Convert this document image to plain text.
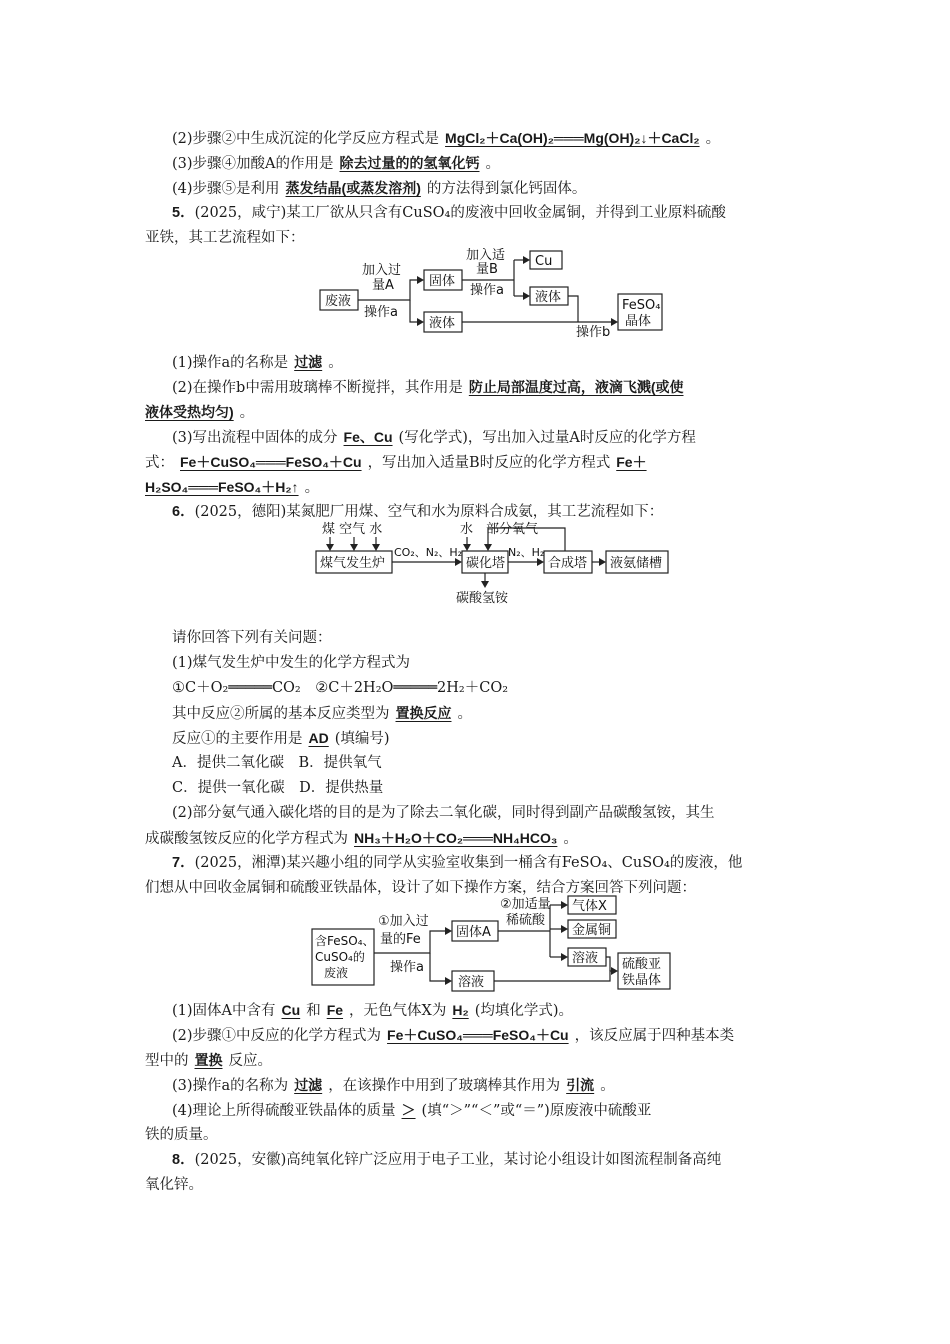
(2)步骤②中生成沉淀的化学反应方程式是 MgCl₂＋Ca(OH)₂═══Mg(OH)₂↓＋CaCl₂ 。
(3)步骤④加酸A的作用是 除去过量的的氢氧化钙 。
(4)步骤⑤是利用 蒸发结晶(或蒸发溶剂) 的方法得到氯化钙固体。
5．(2025，咸宁)某工厂欲从只含有CuSO₄的废液中回收金属铜，并得到工业原料硫酸
亚铁，其工艺流程如下：
废液
加入过
量A
操作a
固体
液体
加入适
量B
操作a
Cu
液体
操作b
FeSO₄
晶体
(1)操作a的名称是 过滤 。
(2)在操作b中需用玻璃棒不断搅拌，其作用是 防止局部温度过高，液滴飞溅(或使
液体受热均匀) 。
(3)写出流程中固体的成分 Fe、Cu (写化学式)，写出加入过量A时反应的化学方程
式： Fe＋CuSO₄═══FeSO₄＋Cu ，写出加入适量B时反应的化学方程式 Fe＋
H₂SO₄═══FeSO₄＋H₂↑ 。
6．(2025，德阳)某氮肥厂用煤、空气和水为原料合成氨，其工艺流程如下：
煤 空气 水
煤气发生炉
CO₂、N₂、H₂
水 部分氧气
碳化塔
N₂、H₂
合成塔 液氨储槽
碳酸氢铵
请你回答下列有关问题：
(1)煤气发生炉中发生的化学方程式为
①C＋O₂═════CO₂　②C＋2H₂O═════2H₂＋CO₂
其中反应②所属的基本反应类型为 置换反应 。
反应①的主要作用是 AD (填编号)
A．提供二氧化碳　B．提供氧气
C．提供一氧化碳　D．提供热量
(2)部分氨气通入碳化塔的目的是为了除去二氧化碳，同时得到副产品碳酸氢铵，其生
成碳酸氢铵反应的化学方程式为 NH₃＋H₂O＋CO₂═══NH₄HCO₃ 。
7．(2025，湘潭)某兴趣小组的同学从实验室收集到一桶含有FeSO₄、CuSO₄的废液，他
们想从中回收金属铜和硫酸亚铁晶体，设计了如下操作方案，结合方案回答下列问题：
含FeSO₄、
CuSO₄的
废液
①加入过
量的Fe
操作a
固体A
溶液
②加适量
稀硫酸
气体X
金属铜
溶液 硫酸亚
铁晶体
(1)固体A中含有 Cu 和 Fe ，无色气体X为 H₂ (均填化学式)。
(2)步骤①中反应的化学方程式为 Fe＋CuSO₄═══FeSO₄＋Cu ，该反应属于四种基本类
型中的 置换 反应。
(3)操作a的名称为 过滤 ，在该操作中用到了玻璃棒其作用为 引流 。
(4)理论上所得硫酸亚铁晶体的质量 ＞ (填“＞”“＜”或“＝”)原废液中硫酸亚
铁的质量。
8．(2025，安徽)高纯氧化锌广泛应用于电子工业，某讨论小组设计如图流程制备高纯
氧化锌。
